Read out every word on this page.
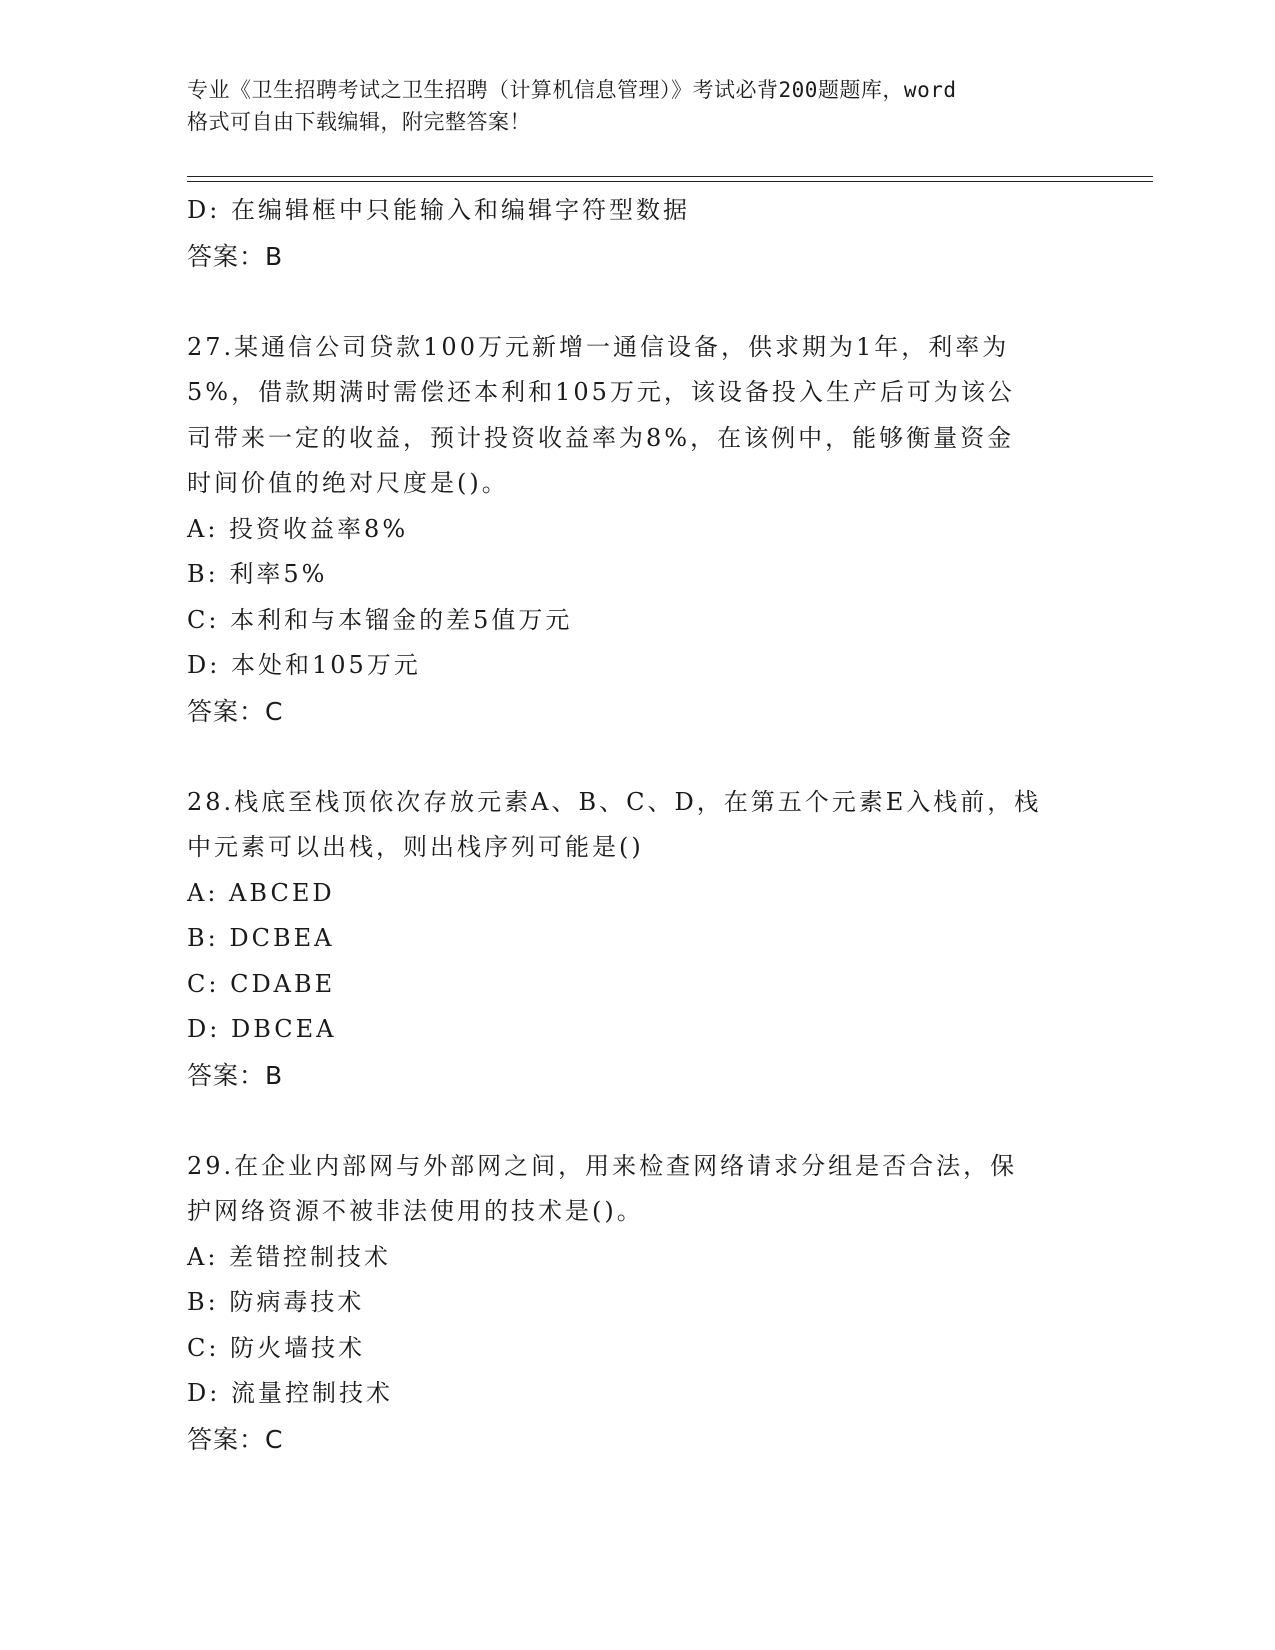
专业《卫生招聘考试之卫生招聘（计算机信息管理）》考试必背200题题库，word
格式可自由下载编辑，附完整答案！
D: 在编辑框中只能输入和编辑字符型数据
答案：B
27.某通信公司贷款100万元新增一通信设备，供求期为1年，利率为
5%，借款期满时需偿还本利和105万元，该设备投入生产后可为该公
司带来一定的收益，预计投资收益率为8%，在该例中，能够衡量资金
时间价值的绝对尺度是()。
A: 投资收益率8%
B: 利率5%
C: 本利和与本镏金的差5值万元
D: 本处和105万元
答案：C
28.栈底至栈顶依次存放元素A、B、C、D，在第五个元素E入栈前，栈
中元素可以出栈，则出栈序列可能是()
A: ABCED
B: DCBEA
C: CDABE
D: DBCEA
答案：B
29.在企业内部网与外部网之间，用来检查网络请求分组是否合法，保
护网络资源不被非法使用的技术是()。
A: 差错控制技术
B: 防病毒技术
C: 防火墙技术
D: 流量控制技术
答案：C
